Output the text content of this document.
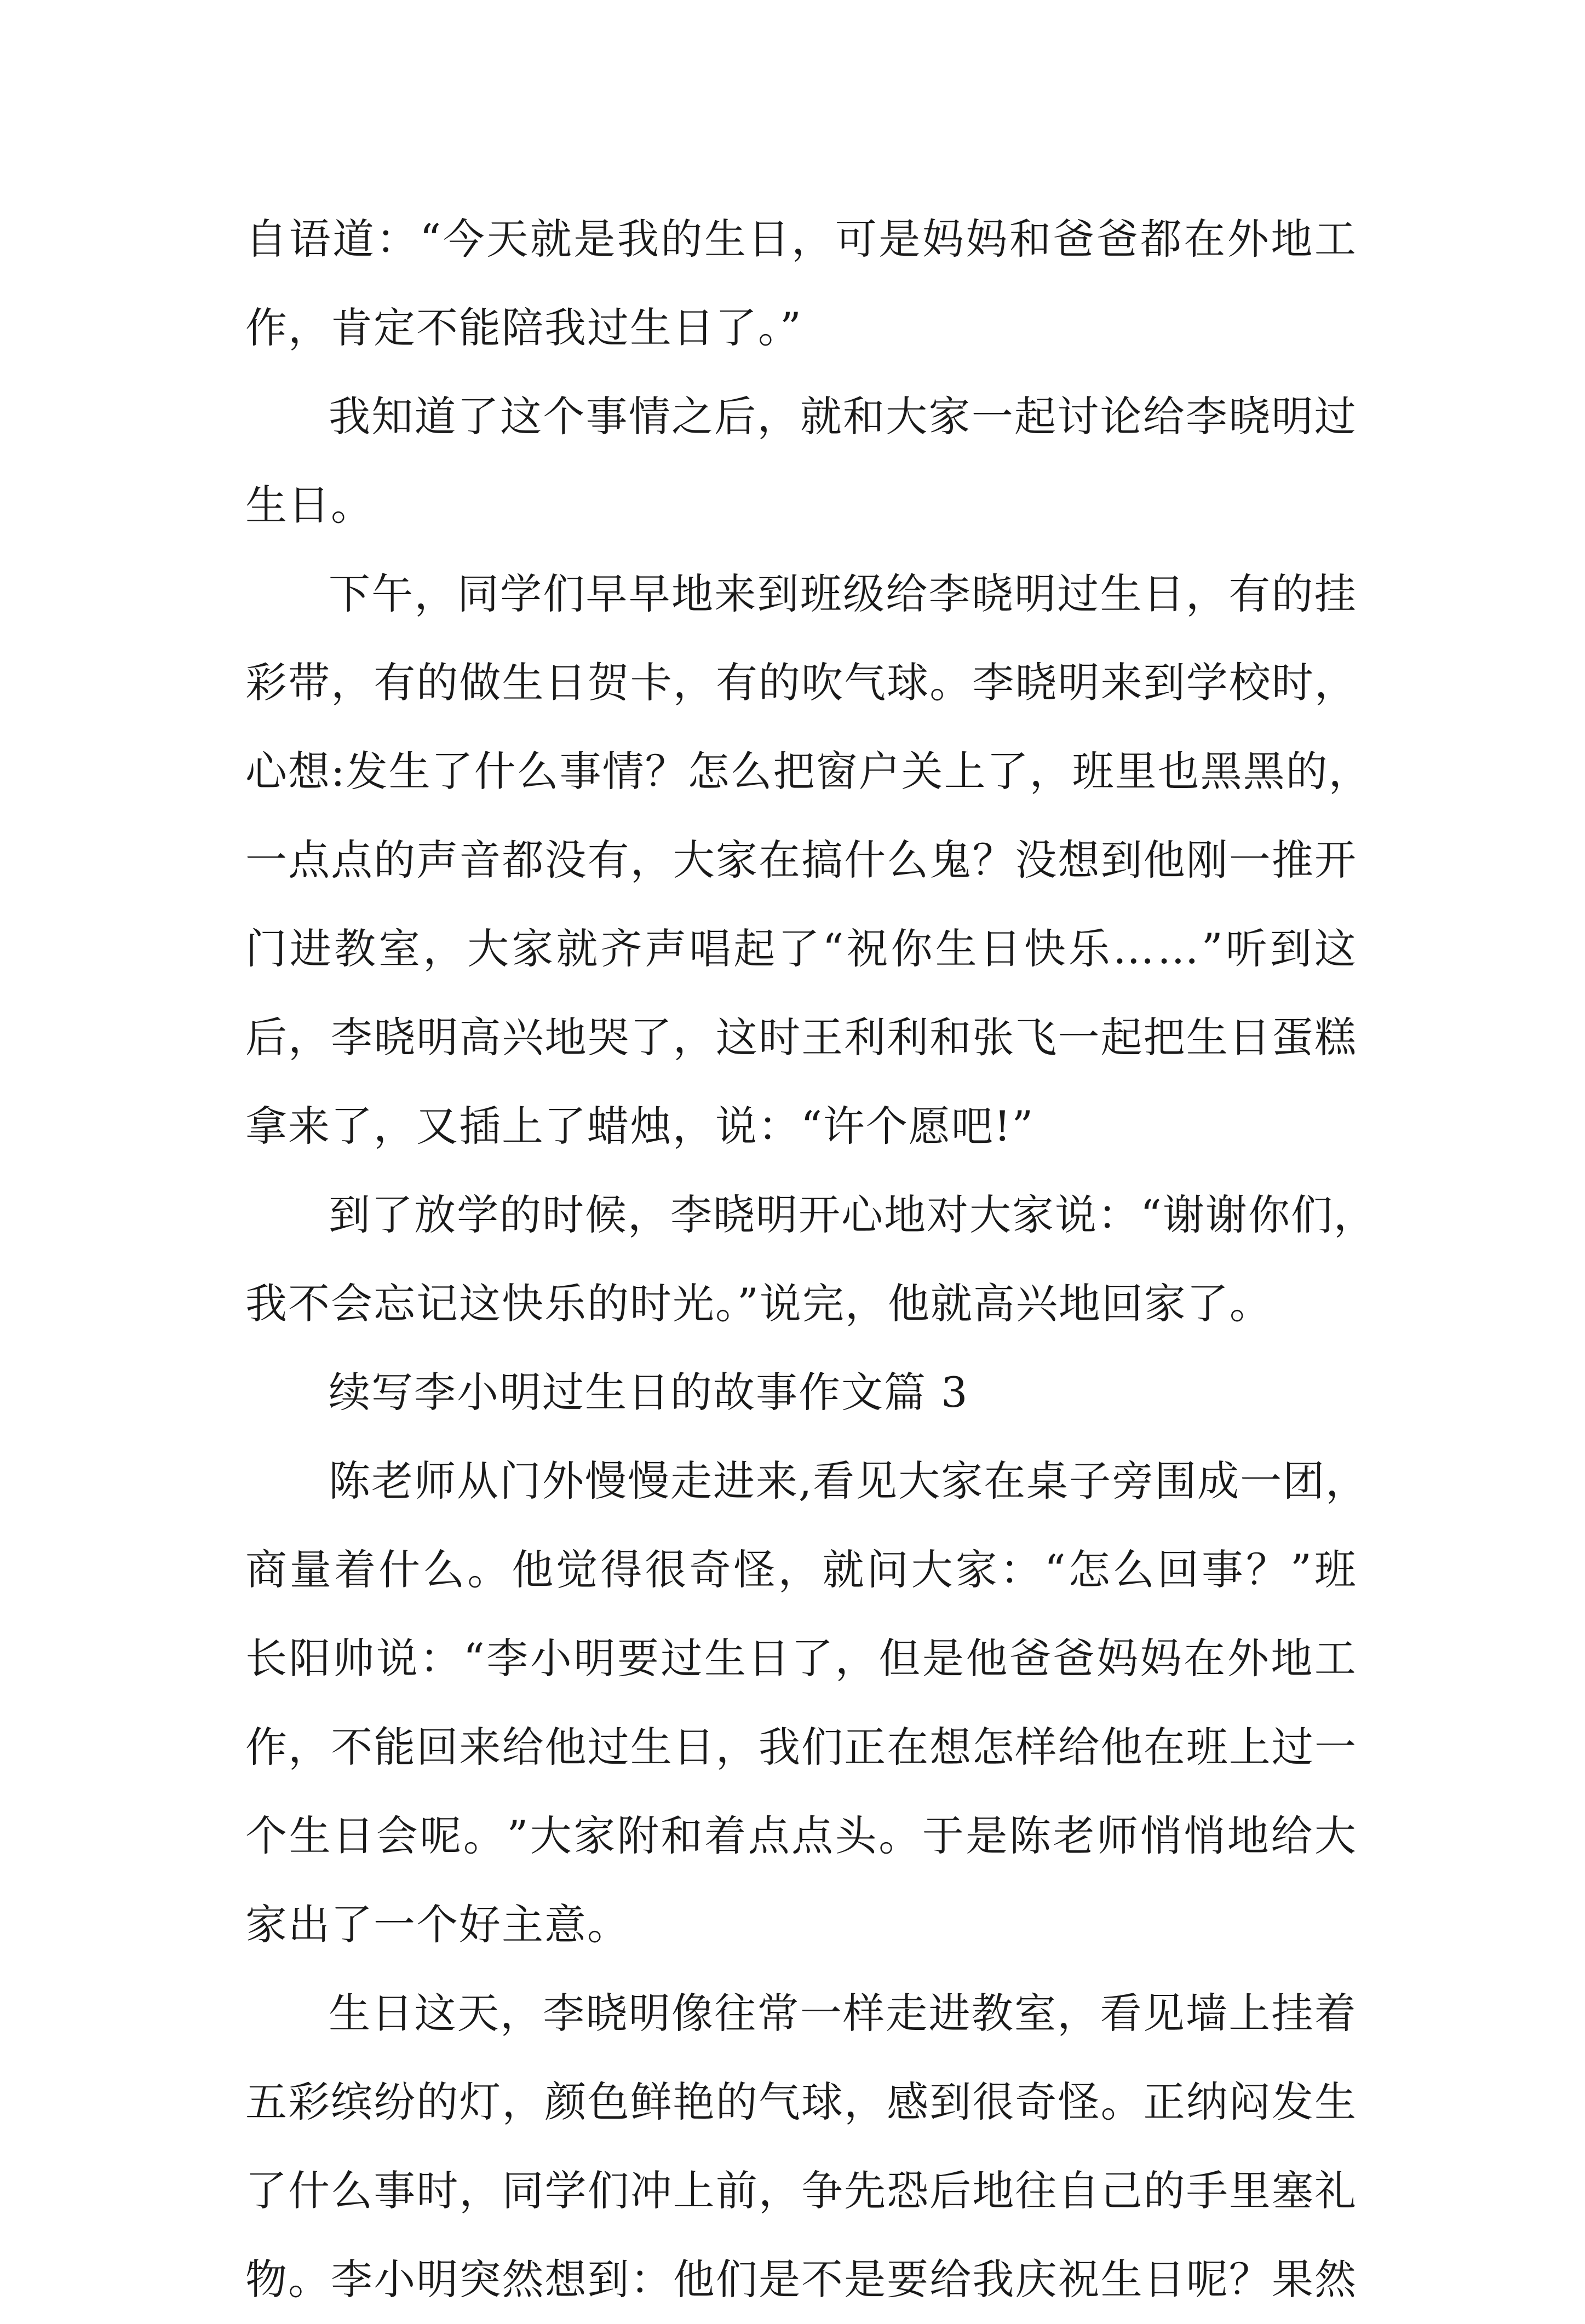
自 语 道 ： “ 今 天 就 是 我 的 生 日 ， 可 是 妈 妈 和 爸 爸 都 在 外 地 工
作，肯定不能陪我过生日了。”
我 知 道 了 这 个 事 情 之 后 ， 就 和 大 家 一 起 讨 论 给 李 晓 明 过
生日。
下 午 ， 同 学 们 早 早 地 来 到 班 级 给 李 晓 明 过 生 日 ， 有 的 挂
彩 带 ， 有 的 做 生 日 贺 卡 ， 有 的 吹 气 球 。 李 晓 明 来 到 学 校 时 ，
心 想 : 发 生 了 什 么 事 情 ？ 怎 么 把 窗 户 关 上 了 ， 班 里 也 黑 黑 的 ，
一 点 点 的 声 音 都 没 有 ， 大 家 在 搞 什 么 鬼 ？ 没 想 到 他 刚 一 推 开
门 进 教 室 ， 大 家 就 齐 声 唱 起 了 “ 祝 你 生 日 快 乐 … … ” 听 到 这
后 ， 李 晓 明 高 兴 地 哭 了 ， 这 时 王 利 利 和 张 飞 一 起 把 生 日 蛋 糕
拿来了，又插上了蜡烛，说：“许个愿吧!”
到 了 放 学 的 时 候 ， 李 晓 明 开 心 地 对 大 家 说 ： “ 谢 谢 你 们 ，
我不会忘记这快乐的时光。”说完，他就高兴地回家了。
续写李小明过生日的故事作文篇 3
陈 老 师 从 门 外 慢 慢 走 进 来 , 看 见 大 家 在 桌 子 旁 围 成 一 团 ，
商 量 着 什 么 。 他 觉 得 很 奇 怪 ， 就 问 大 家 ： “ 怎 么 回 事 ？ ” 班
长 阳 帅 说 ： “ 李 小 明 要 过 生 日 了 ， 但 是 他 爸 爸 妈 妈 在 外 地 工
作 ， 不 能 回 来 给 他 过 生 日 ， 我 们 正 在 想 怎 样 给 他 在 班 上 过 一
个 生 日 会 呢 。 ” 大 家 附 和 着 点 点 头 。 于 是 陈 老 师 悄 悄 地 给 大
家出了一个好主意。
生 日 这 天 ， 李 晓 明 像 往 常 一 样 走 进 教 室 ， 看 见 墙 上 挂 着
五 彩 缤 纷 的 灯 ， 颜 色 鲜 艳 的 气 球 ， 感 到 很 奇 怪 。 正 纳 闷 发 生
了 什 么 事 时 ， 同 学 们 冲 上 前 ， 争 先 恐 后 地 往 自 己 的 手 里 塞 礼
物 。 李 小 明 突 然 想 到 ： 他 们 是 不 是 要 给 我 庆 祝 生 日 呢 ？ 果 然
